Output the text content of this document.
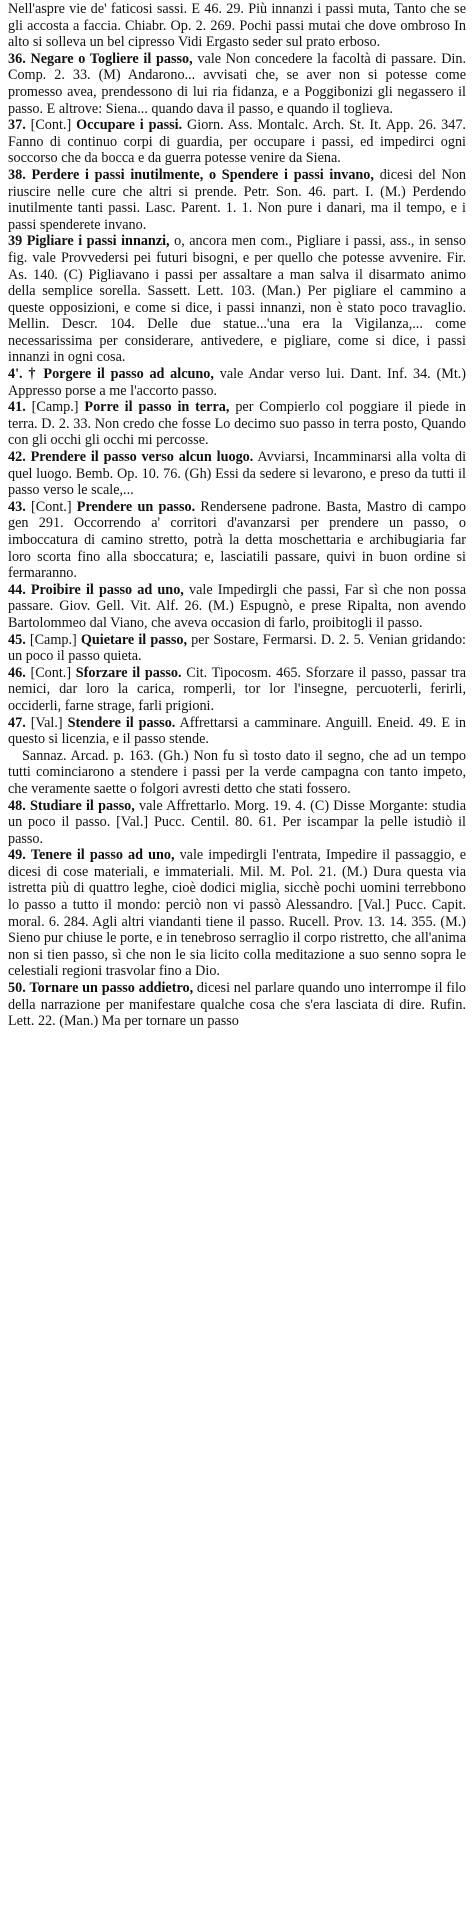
Nell'aspre vie de' faticosi sassi. E 46. 29. Più innanzi i passi muta, Tanto che se gli accosta a faccia. Chiabr. Op. 2. 269. Pochi passi mutai che dove ombroso In alto si solleva un bel cipresso Vidi Ergasto seder sul prato erboso.

36. Negare o Togliere il passo, vale Non concedere la facoltà di passare. Din. Comp. 2. 33. (M) Andarono... avvisati che, se aver non si potesse come promesso avea, prendessono di lui ria fidanza, e a Poggibonizi gli negassero il passo. E altrove: Siena... quando dava il passo, e quando il toglieva.

37. [Cont.] Occupare i passi. Giorn. Ass. Montalc. Arch. St. It. App. 26. 347. Fanno di continuo corpi di guardia, per occupare i passi, ed impedirci ogni soccorso che da bocca e da guerra potesse venire da Siena.

38. Perdere i passi inutilmente, o Spendere i passi invano, dicesi del Non riuscire nelle cure che altri si prende. Petr. Son. 46. part. I. (M.) Perdendo inutilmente tanti passi. Lasc. Parent. 1. 1. Non pure i danari, ma il tempo, e i passi spenderete invano.

39 Pigliare i passi innanzi, o, ancora men com., Pigliare i passi, ass., in senso fig. vale Provvedersi pei futuri bisogni, e per quello che potesse avvenire. Fir. As. 140. (C) Pigliavano i passi per assaltare a man salva il disarmato animo della semplice sorella. Sassett. Lett. 103. (Man.) Per pigliare el cammino a queste opposizioni, e come si dice, i passi innanzi, non è stato poco travaglio. Mellin. Descr. 104. Delle due statue...'una era la Vigilanza,... come necessarissima per considerare, antivedere, e pigliare, come si dice, i passi innanzi in ogni cosa.

4'. † Porgere il passo ad alcuno, vale Andar verso lui. Dant. Inf. 34. (Mt.) Appresso porse a me l'accorto passo.

41. [Camp.] Porre il passo in terra, per Compierlo col poggiare il piede in terra. D. 2. 33. Non credo che fosse Lo decimo suo passo in terra posto, Quando con gli occhi gli occhi mi percosse.

42. Prendere il passo verso alcun luogo. Avviarsi, Incamminarsi alla volta di quel luogo. Bemb. Op. 10. 76. (Gh) Essi da sedere si levarono, e preso da tutti il passo verso le scale,...

43. [Cont.] Prendere un passo. Rendersene padrone. Basta, Mastro di campo gen 291. Occorrendo a' corritori d'avanzarsi per prendere un passo, o imboccatura di camino stretto, potrà la detta moschettaria e archibugiaria far loro scorta fino alla sboccatura; e, lasciatili passare, quivi in buon ordine si fermaranno.

44. Proibire il passo ad uno, vale Impedirgli che passi, Far sì che non possa passare. Giov. Gell. Vit. Alf. 26. (M.) Espugnò, e prese Ripalta, non avendo Bartolommeo dal Viano, che aveva occasion di farlo, proibitogli il passo.

45. [Camp.] Quietare il passo, per Sostare, Fermarsi. D. 2. 5. Venian gridando: un poco il passo quieta.

46. [Cont.] Sforzare il passo. Cit. Tipocosm. 465. Sforzare il passo, passar tra nemici, dar loro la carica, romperli, tor lor l'insegne, percuoterli, ferirli, occiderli, farne strage, farli prigioni.

47. [Val.] Stendere il passo. Affrettarsi a camminare. Anguill. Eneid. 49. E in questo si licenzia, e il passo stende.

Sannaz. Arcad. p. 163. (Gh.) Non fu sì tosto dato il segno, che ad un tempo tutti cominciarono a stendere i passi per la verde campagna con tanto impeto, che veramente saette o folgori avresti detto che stati fossero.

48. Studiare il passo, vale Affrettarlo. Morg. 19. 4. (C) Disse Morgante: studia un poco il passo. [Val.] Pucc. Centil. 80. 61. Per iscampar la pelle istudiò il passo.

49. Tenere il passo ad uno, vale impedirgli l'entrata, Impedire il passaggio, e dicesi di cose materiali, e immateriali. Mil. M. Pol. 21. (M.) Dura questa via istretta più di quattro leghe, cioè dodici miglia, sicchè pochi uomini terrebbono lo passo a tutto il mondo: perciò non vi passò Alessandro. [Val.] Pucc. Capit. moral. 6. 284. Agli altri viandanti tiene il passo. Rucell. Prov. 13. 14. 355. (M.) Sieno pur chiuse le porte, e in tenebroso serraglio il corpo ristretto, che all'anima non si tien passo, sì che non le sia licito colla meditazione a suo senno sopra le celestiali regioni trasvolar fino a Dio.

50. Tornare un passo addietro, dicesi nel parlare quando uno interrompe il filo della narrazione per manifestare qualche cosa che s'era lasciata di dire. Rufin. Lett. 22. (Man.) Ma per tornare un passo
